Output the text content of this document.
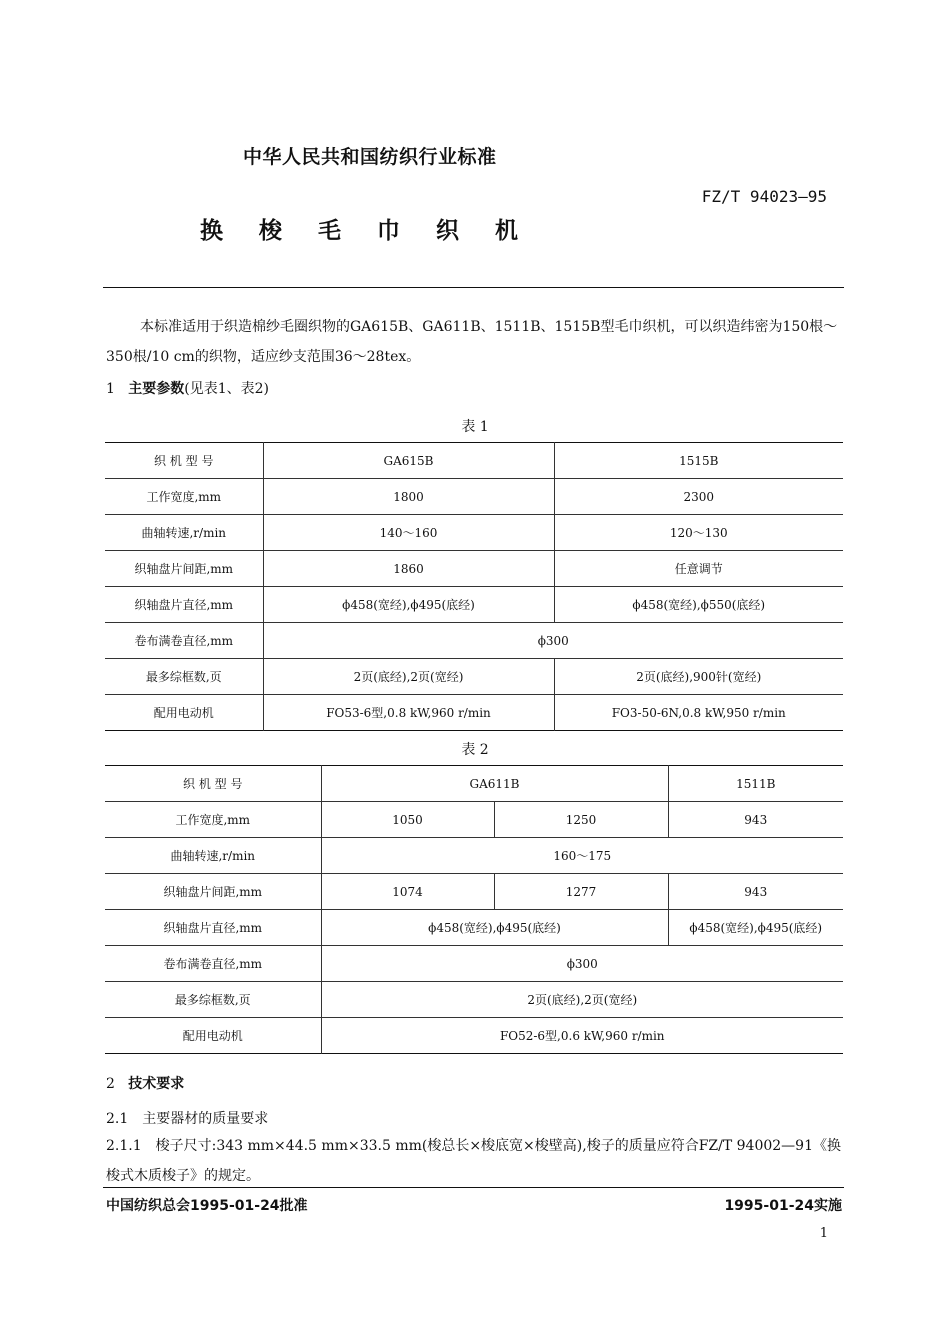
中华人民共和国纺织行业标准
FZ/T 94023—95
换梭毛巾织机
本标准适用于织造棉纱毛圈织物的GA615B、GA611B、1511B、1515B型毛巾织机，可以织造纬密为150根～350根/10 cm的织物，适应纱支范围36～28tex。
1 主要参数(见表1、表2)
表 1
织 机 型 号	GA615B	1515B
工作宽度,mm	1800	2300
曲轴转速,r/min	140～160	120～130
织轴盘片间距,mm	1860	任意调节
织轴盘片直径,mm	ϕ458(宽经),ϕ495(底经)	ϕ458(宽经),ϕ550(底经)
卷布满卷直径,mm	ϕ300	
最多综框数,页	2页(底经),2页(宽经)	2页(底经),900针(宽经)
配用电动机	FO53-6型,0.8 kW,960 r/min	FO3-50-6N,0.8 kW,950 r/min
表 2
织 机 型 号	GA611B		1511B
工作宽度,mm	1050	1250	943
曲轴转速,r/min	160～175		
织轴盘片间距,mm	1074	1277	943
织轴盘片直径,mm	ϕ458(宽经),ϕ495(底经)		ϕ458(宽经),ϕ495(底经)
卷布满卷直径,mm	ϕ300		
最多综框数,页	2页(底经),2页(宽经)		
配用电动机	FO52-6型,0.6 kW,960 r/min		
2 技术要求
2.1　主要器材的质量要求
2.1.1　梭子尺寸:343 mm×44.5 mm×33.5 mm(梭总长×梭底宽×梭壁高),梭子的质量应符合FZ/T 94002—91《换梭式木质梭子》的规定。
中国纺织总会1995-01-24批准	1995-01-24实施
1
